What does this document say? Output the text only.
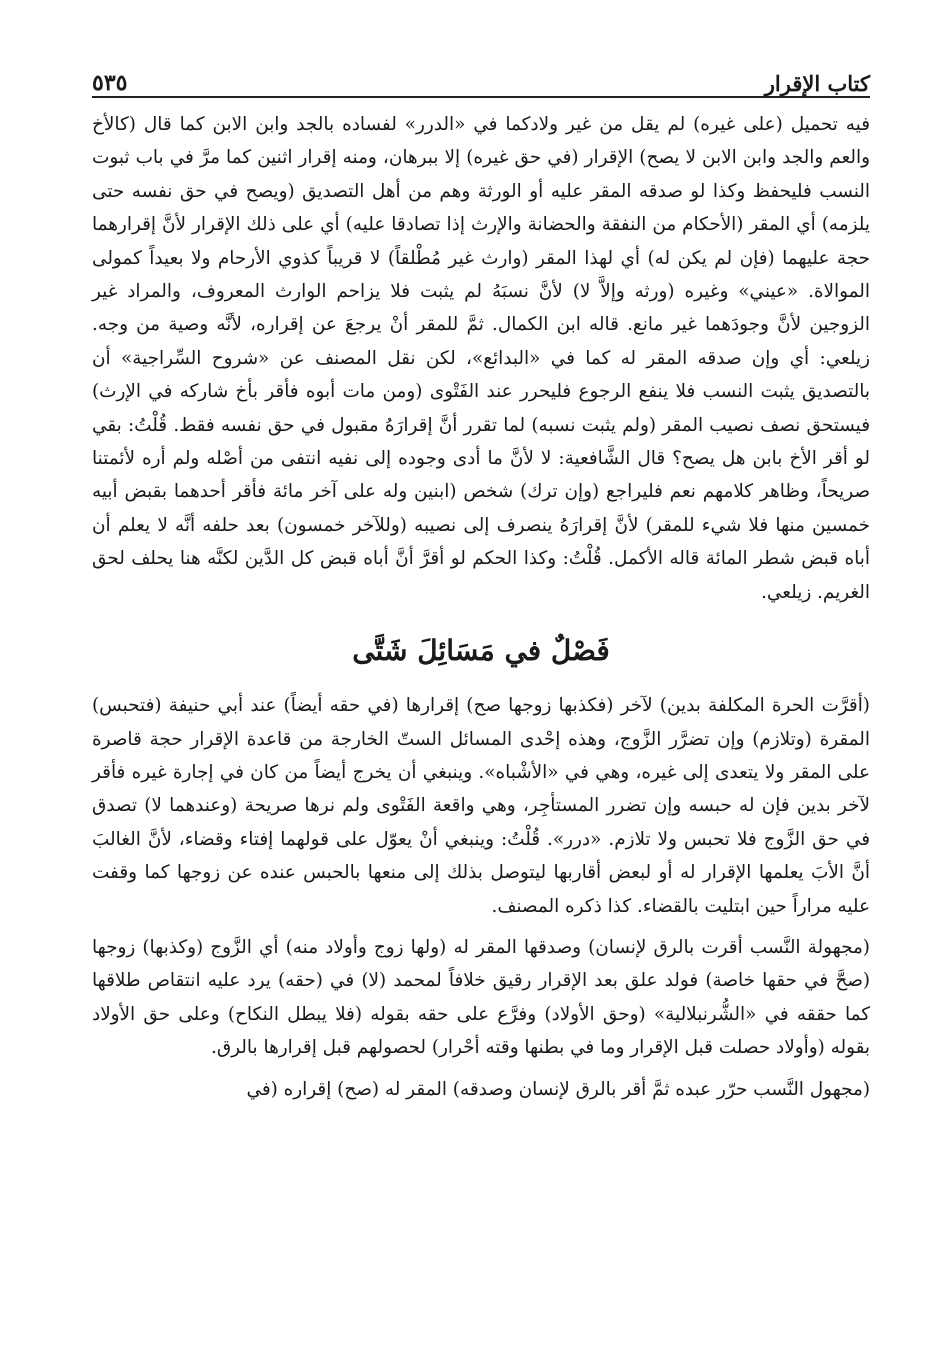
كتاب الإقرار
٥٣٥

فيه تحميل (على غيره) لم يقل من غير ولادكما في «الدرر» لفساده بالجد وابن الابن كما قال (كالأخ والعم والجد وابن الابن لا يصح) الإقرار (في حق غيره) إلا ببرهان، ومنه إقرار اثنين كما مرَّ في باب ثبوت النسب فليحفظ وكذا لو صدقه المقر عليه أو الورثة وهم من أهل التصديق (ويصح في حق نفسه حتى يلزمه) أي المقر (الأحكام من النفقة والحضانة والإرث إذا تصادقا عليه) أي على ذلك الإقرار لأنَّ إقرارهما حجة عليهما (فإن لم يكن له) أي لهذا المقر (وارث غير مُطْلقاً) لا قريباً كذوي الأرحام ولا بعيداً كمولى الموالاة. «عيني» وغيره (ورثه وإلاَّ لا) لأنَّ نسبَهُ لم يثبت فلا يزاحم الوارث المعروف، والمراد غير الزوجين لأنَّ وجودَهما غير مانع. قاله ابن الكمال. ثمَّ للمقر أنْ يرجعَ عن إقراره، لأنَّه وصية من وجه. زيلعي: أي وإن صدقه المقر له كما في «البدائع»، لكن نقل المصنف عن «شروح السِّراجية» أن بالتصديق يثبت النسب فلا ينفع الرجوع فليحرر عند الفَتْوى (ومن مات أبوه فأقر بأخ شاركه في الإرث) فيستحق نصف نصيب المقر (ولم يثبت نسبه) لما تقرر أنَّ إقرارَهُ مقبول في حق نفسه فقط. قُلْتُ: بقي لو أقر الأخ بابن هل يصح؟ قال الشَّافعية: لا لأنَّ ما أدى وجوده إلى نفيه انتفى من أصْله ولم أره لأئمتنا صريحاً، وظاهر كلامهم نعم فليراجع (وإن ترك) شخص (ابنين وله على آخر مائة فأقر أحدهما بقبض أبيه خمسين منها فلا شيء للمقر) لأنَّ إقرارَهُ ينصرف إلى نصيبه (وللآخر خمسون) بعد حلفه أنَّه لا يعلم أن أباه قبض شطر المائة قاله الأكمل. قُلْتُ: وكذا الحكم لو أقرَّ أنَّ أباه قبض كل الدَّين لكنَّه هنا يحلف لحق الغريم. زيلعي.

فَصْلٌ في مَسَائِلَ شَتَّى

(أقرَّت الحرة المكلفة بدين) لآخر (فكذبها زوجها صح) إقرارها (في حقه أيضاً) عند أبي حنيفة (فتحبس) المقرة (وتلازم) وإن تضرَّر الزَّوج، وهذه إحْدى المسائل الستّ الخارجة من قاعدة الإقرار حجة قاصرة على المقر ولا يتعدى إلى غيره، وهي في «الأشْباه». وينبغي أن يخرج أيضاً من كان في إجارة غيره فأقر لآخر بدين فإن له حبسه وإن تضرر المستأجِر، وهي واقعة الفَتْوى ولم نرها صريحة (وعندهما لا) تصدق في حق الزَّوج فلا تحبس ولا تلازم. «درر». قُلْتُ: وينبغي أنْ يعوّل على قولهما إفتاء وقضاء، لأنَّ الغالبَ أنَّ الأبَ يعلمها الإقرار له أو لبعض أقاربها ليتوصل بذلك إلى منعها بالحبس عنده عن زوجها كما وقفت عليه مراراً حين ابتليت بالقضاء. كذا ذكره المصنف.

(مجهولة النَّسب أقرت بالرق لإنسان) وصدقها المقر له (ولها زوج وأولاد منه) أي الزَّوج (وكذبها) زوجها (صحَّ في حقها خاصة) فولد علق بعد الإقرار رقيق خلافاً لمحمد (لا) في (حقه) يرد عليه انتقاص طلاقها كما حققه في «الشُّرنبلالية» (وحق الأولاد) وفرَّع على حقه بقوله (فلا يبطل النكاح) وعلى حق الأولاد بقوله (وأولاد حصلت قبل الإقرار وما في بطنها وقته أحْرار) لحصولهم قبل إقرارها بالرق.

(مجهول النَّسب حرّر عبده ثمَّ أقر بالرق لإنسان وصدقه) المقر له (صح) إقراره (في
